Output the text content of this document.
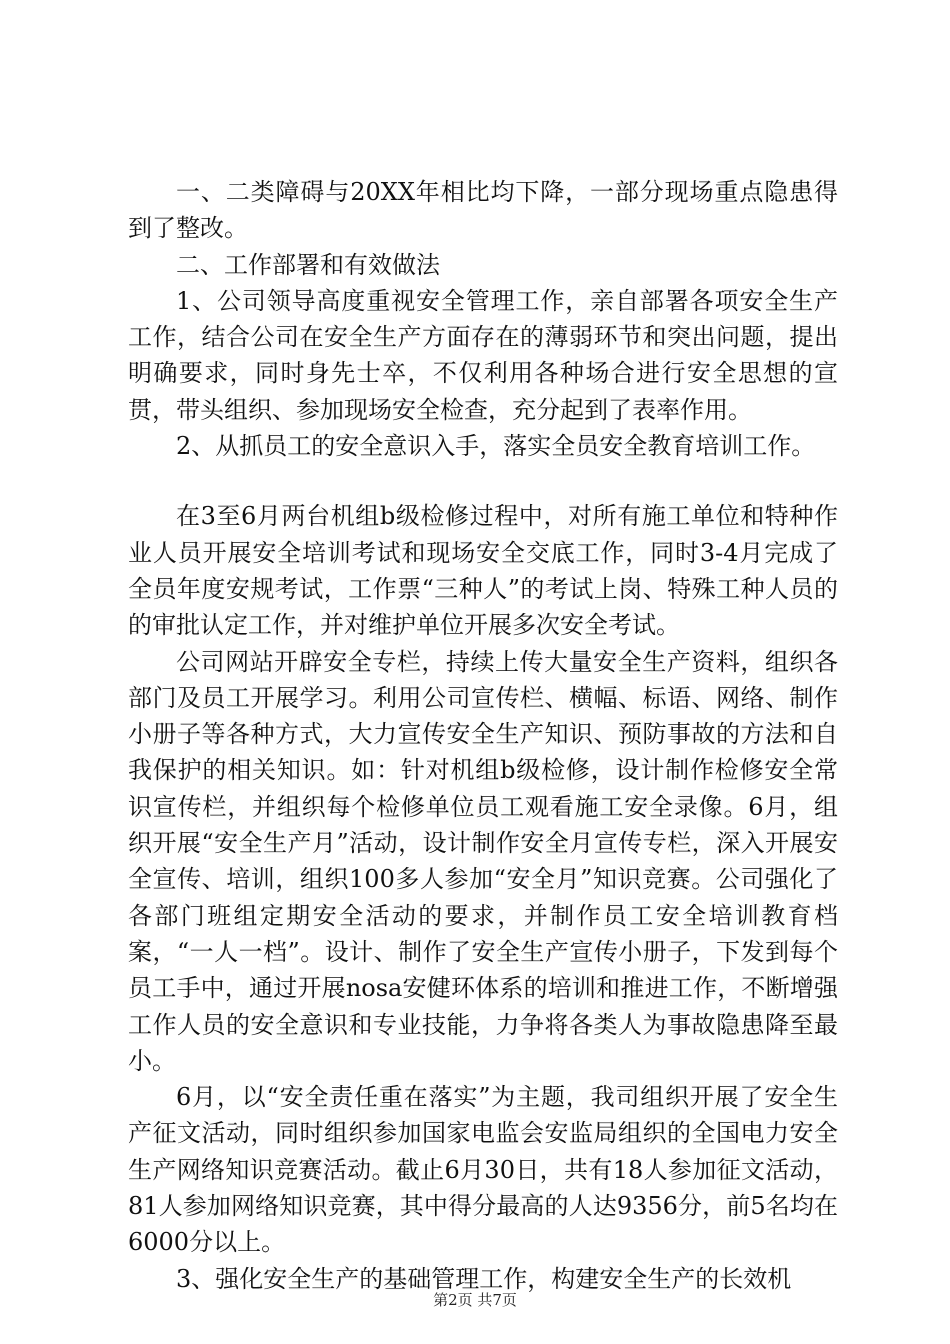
一、二类障碍与20XX年相比均下降，一部分现场重点隐患得到了整改。

二、工作部署和有效做法

1、公司领导高度重视安全管理工作，亲自部署各项安全生产工作，结合公司在安全生产方面存在的薄弱环节和突出问题，提出明确要求，同时身先士卒，不仅利用各种场合进行安全思想的宣贯，带头组织、参加现场安全检查，充分起到了表率作用。

2、从抓员工的安全意识入手，落实全员安全教育培训工作。

在3至6月两台机组b级检修过程中，对所有施工单位和特种作业人员开展安全培训考试和现场安全交底工作，同时3-4月完成了全员年度安规考试，工作票“三种人”的考试上岗、特殊工种人员的的审批认定工作，并对维护单位开展多次安全考试。

公司网站开辟安全专栏，持续上传大量安全生产资料，组织各部门及员工开展学习。利用公司宣传栏、横幅、标语、网络、制作小册子等各种方式，大力宣传安全生产知识、预防事故的方法和自我保护的相关知识。如：针对机组b级检修，设计制作检修安全常识宣传栏，并组织每个检修单位员工观看施工安全录像。6月，组织开展“安全生产月”活动，设计制作安全月宣传专栏，深入开展安全宣传、培训，组织100多人参加“安全月”知识竞赛。公司强化了各部门班组定期安全活动的要求，并制作员工安全培训教育档案，“一人一档”。设计、制作了安全生产宣传小册子，下发到每个员工手中，通过开展nosa安健环体系的培训和推进工作，不断增强工作人员的安全意识和专业技能，力争将各类人为事故隐患降至最小。

6月，以“安全责任重在落实”为主题，我司组织开展了安全生产征文活动，同时组织参加国家电监会安监局组织的全国电力安全生产网络知识竞赛活动。截止6月30日，共有18人参加征文活动，81人参加网络知识竞赛，其中得分最高的人达9356分，前5名均在6000分以上。

3、强化安全生产的基础管理工作，构建安全生产的长效机

第2页 共7页
